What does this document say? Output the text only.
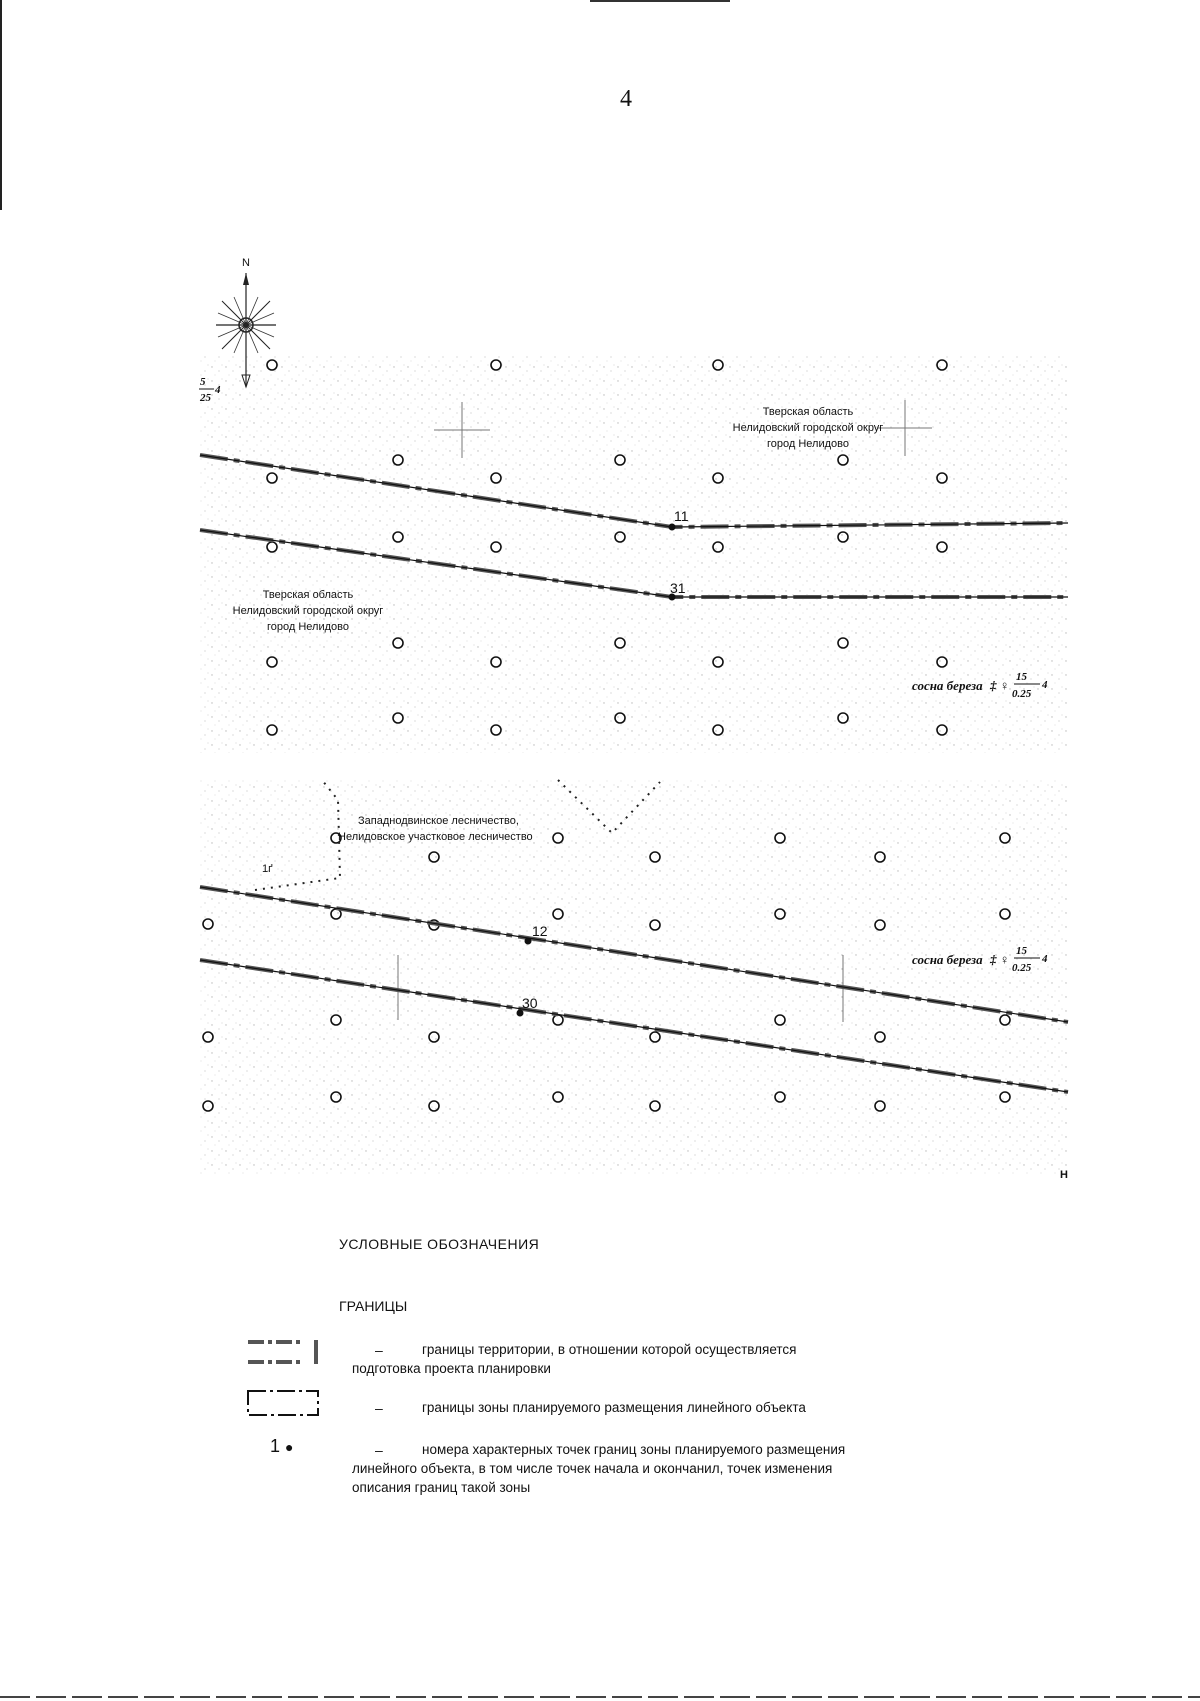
4
N
11
31
12
30
Тверская область
Нелидовский городской округ
город Нелидово
Тверская область
Нелидовский городской округ
город Нелидово
Западнодвинское лесничество,
Нелидовское участковое лесничество
1ґ
H
5
25
4
сосна береза ‡ ♀
15
0.25
4
сосна береза ‡ ♀
15
0.25
4
УСЛОВНЫЕ ОБОЗНАЧЕНИЯ
ГРАНИЦЫ
–	границы территории, в отношении которой осуществляется
подготовка проекта планировки
–	границы зоны планируемого размещения линейного объекта
1 ●	–	номера характерных точек границ зоны планируемого размещения
линейного объекта, в том числе точек начала и окончанил, точек изменения описания границ такой зоны
